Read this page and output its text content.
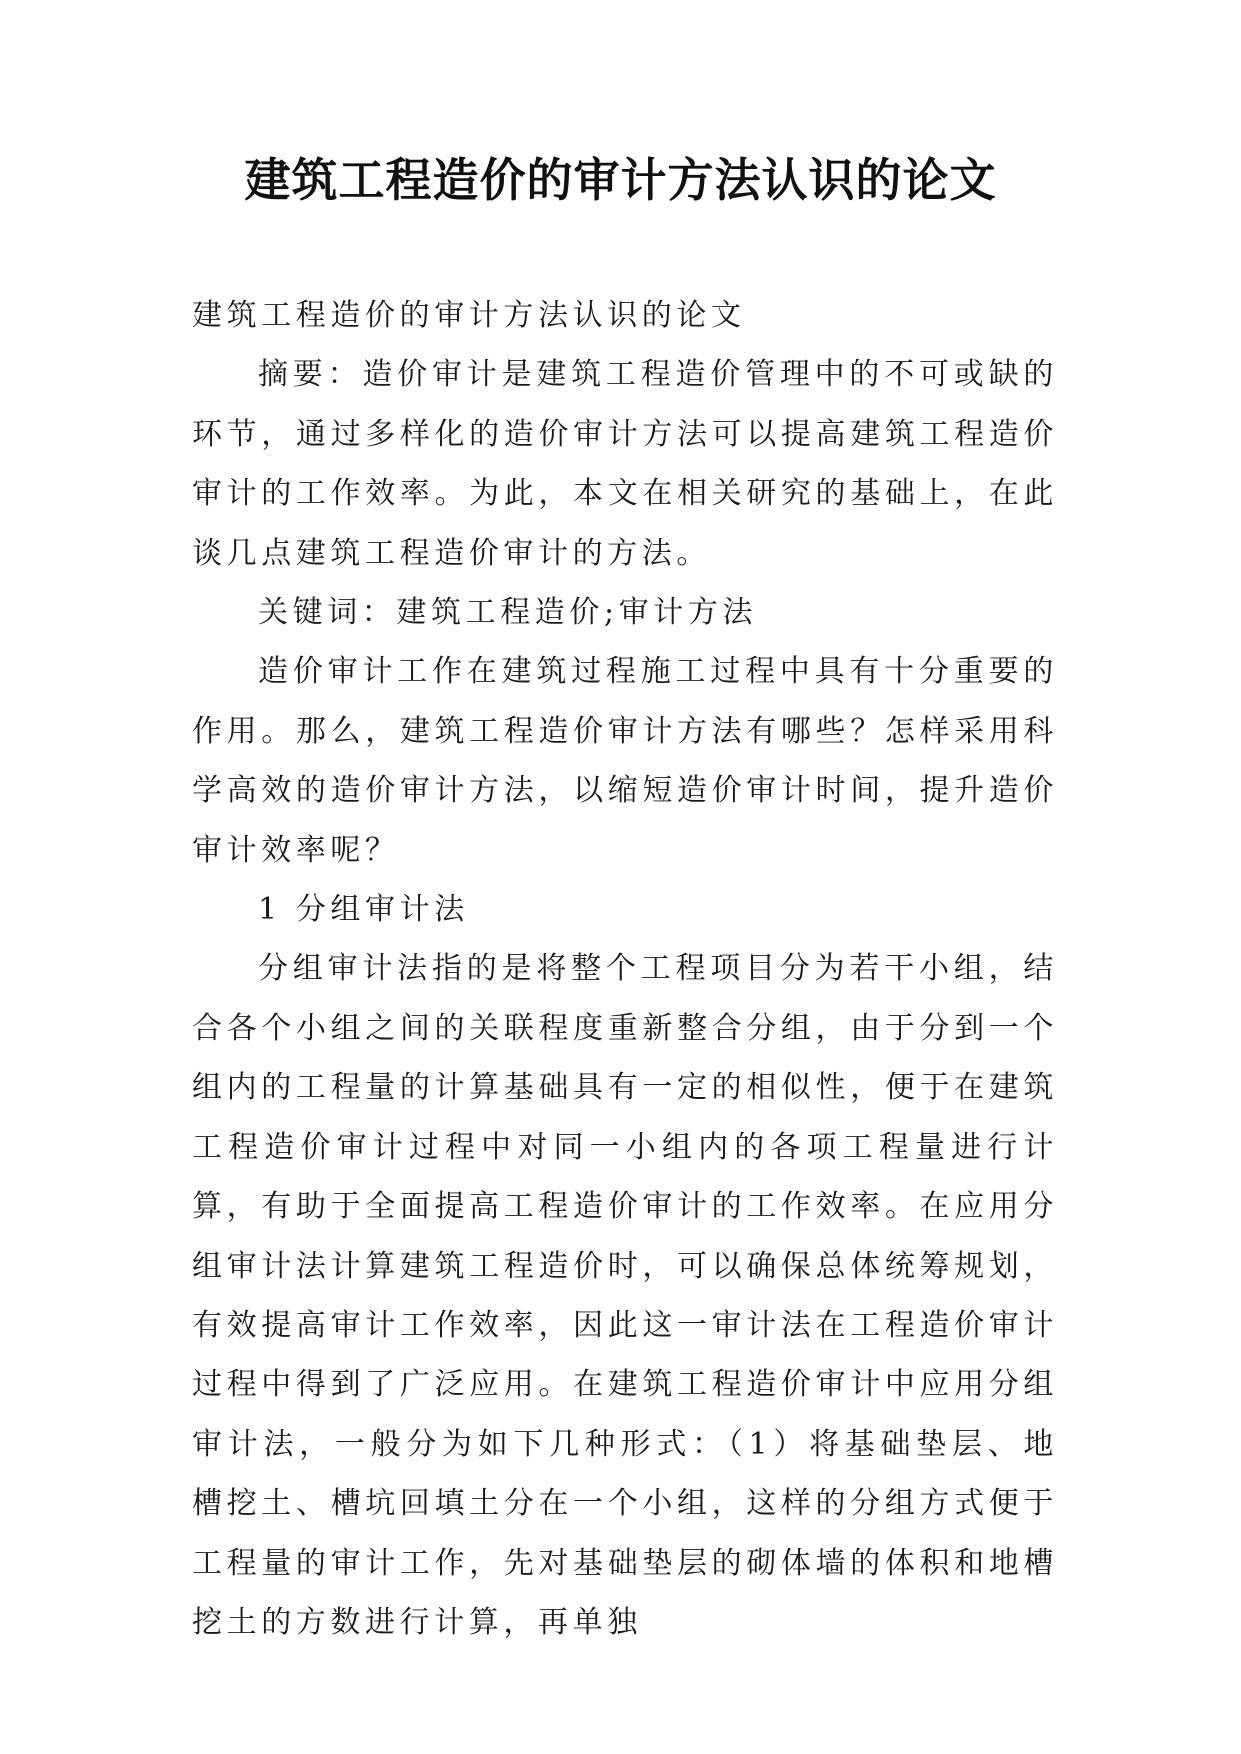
建筑工程造价的审计方法认识的论文

建筑工程造价的审计方法认识的论文

摘要：造价审计是建筑工程造价管理中的不可或缺的环节，通过多样化的造价审计方法可以提高建筑工程造价审计的工作效率。为此，本文在相关研究的基础上，在此谈几点建筑工程造价审计的方法。

关键词：建筑工程造价;审计方法

造价审计工作在建筑过程施工过程中具有十分重要的作用。那么，建筑工程造价审计方法有哪些？怎样采用科学高效的造价审计方法，以缩短造价审计时间，提升造价审计效率呢？

1 分组审计法

分组审计法指的是将整个工程项目分为若干小组，结合各个小组之间的关联程度重新整合分组，由于分到一个组内的工程量的计算基础具有一定的相似性，便于在建筑工程造价审计过程中对同一小组内的各项工程量进行计算，有助于全面提高工程造价审计的工作效率。在应用分组审计法计算建筑工程造价时，可以确保总体统筹规划，有效提高审计工作效率，因此这一审计法在工程造价审计过程中得到了广泛应用。在建筑工程造价审计中应用分组审计法，一般分为如下几种形式：（1）将基础垫层、地槽挖土、槽坑回填土分在一个小组，这样的分组方式便于工程量的审计工作，先对基础垫层的砌体墙的体积和地槽挖土的方数进行计算，再单独
